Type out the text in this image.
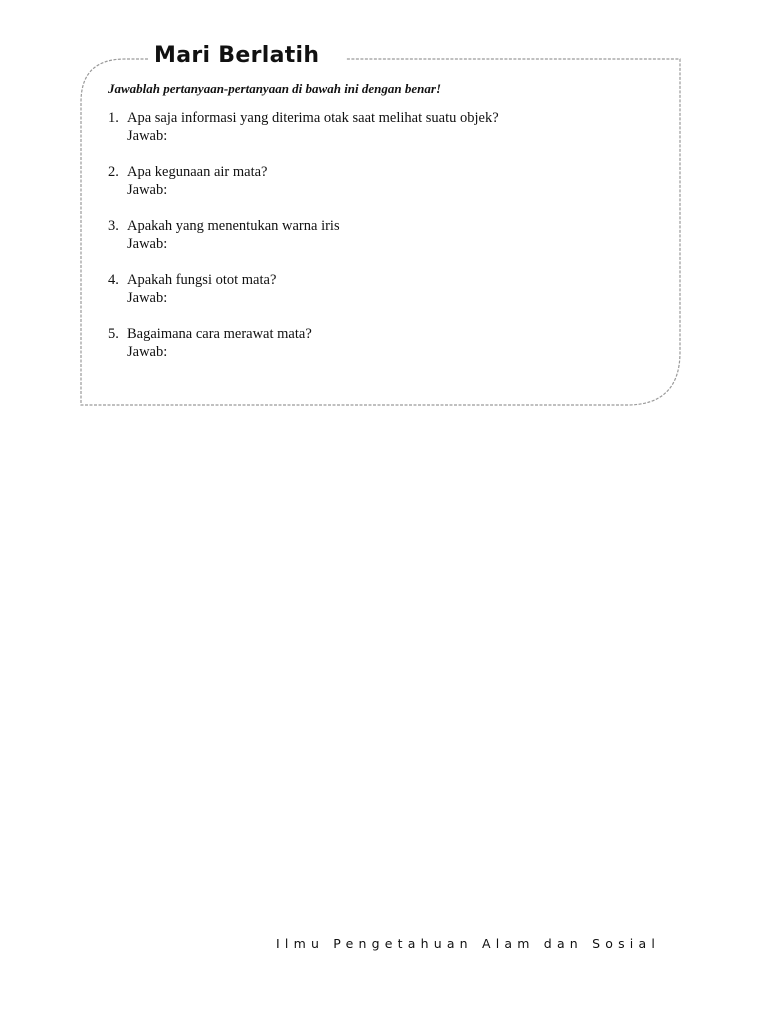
Mari Berlatih
Jawablah pertanyaan-pertanyaan di bawah ini dengan benar!
1. Apa saja informasi yang diterima otak saat melihat suatu objek?
Jawab:
2. Apa kegunaan air mata?
Jawab:
3. Apakah yang menentukan warna iris
Jawab:
4. Apakah fungsi otot mata?
Jawab:
5. Bagaimana cara merawat mata?
Jawab:
Ilmu Pengetahuan Alam dan Sosial
